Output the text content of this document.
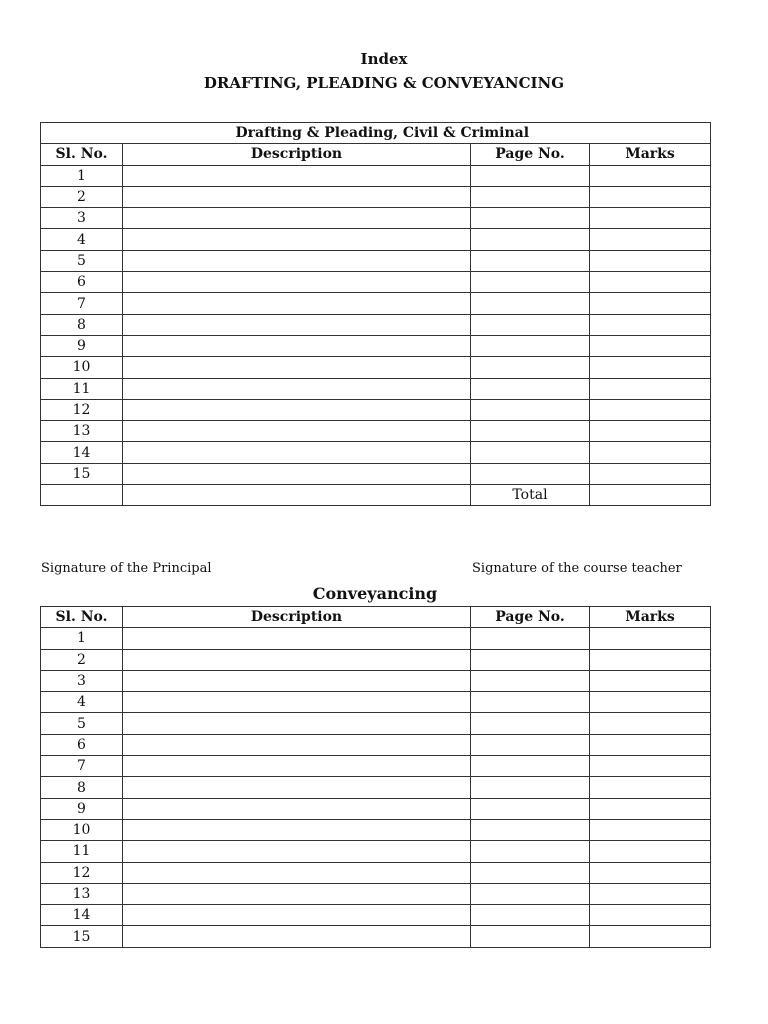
Index
DRAFTING, PLEADING & CONVEYANCING
	Drafting & Pleading, Civil & Criminal		
Sl. No.	Description	Page No.	Marks
1			
2			
3			
4			
5			
6			
7			
8			
9			
10			
11			
12			
13			
14			
15			
		Total	
Signature of the Principal	Signature of the course teacher
Conveyancing
Sl. No.	Description	Page No.	Marks
1			
2			
3			
4			
5			
6			
7			
8			
9			
10			
11			
12			
13			
14			
15			
